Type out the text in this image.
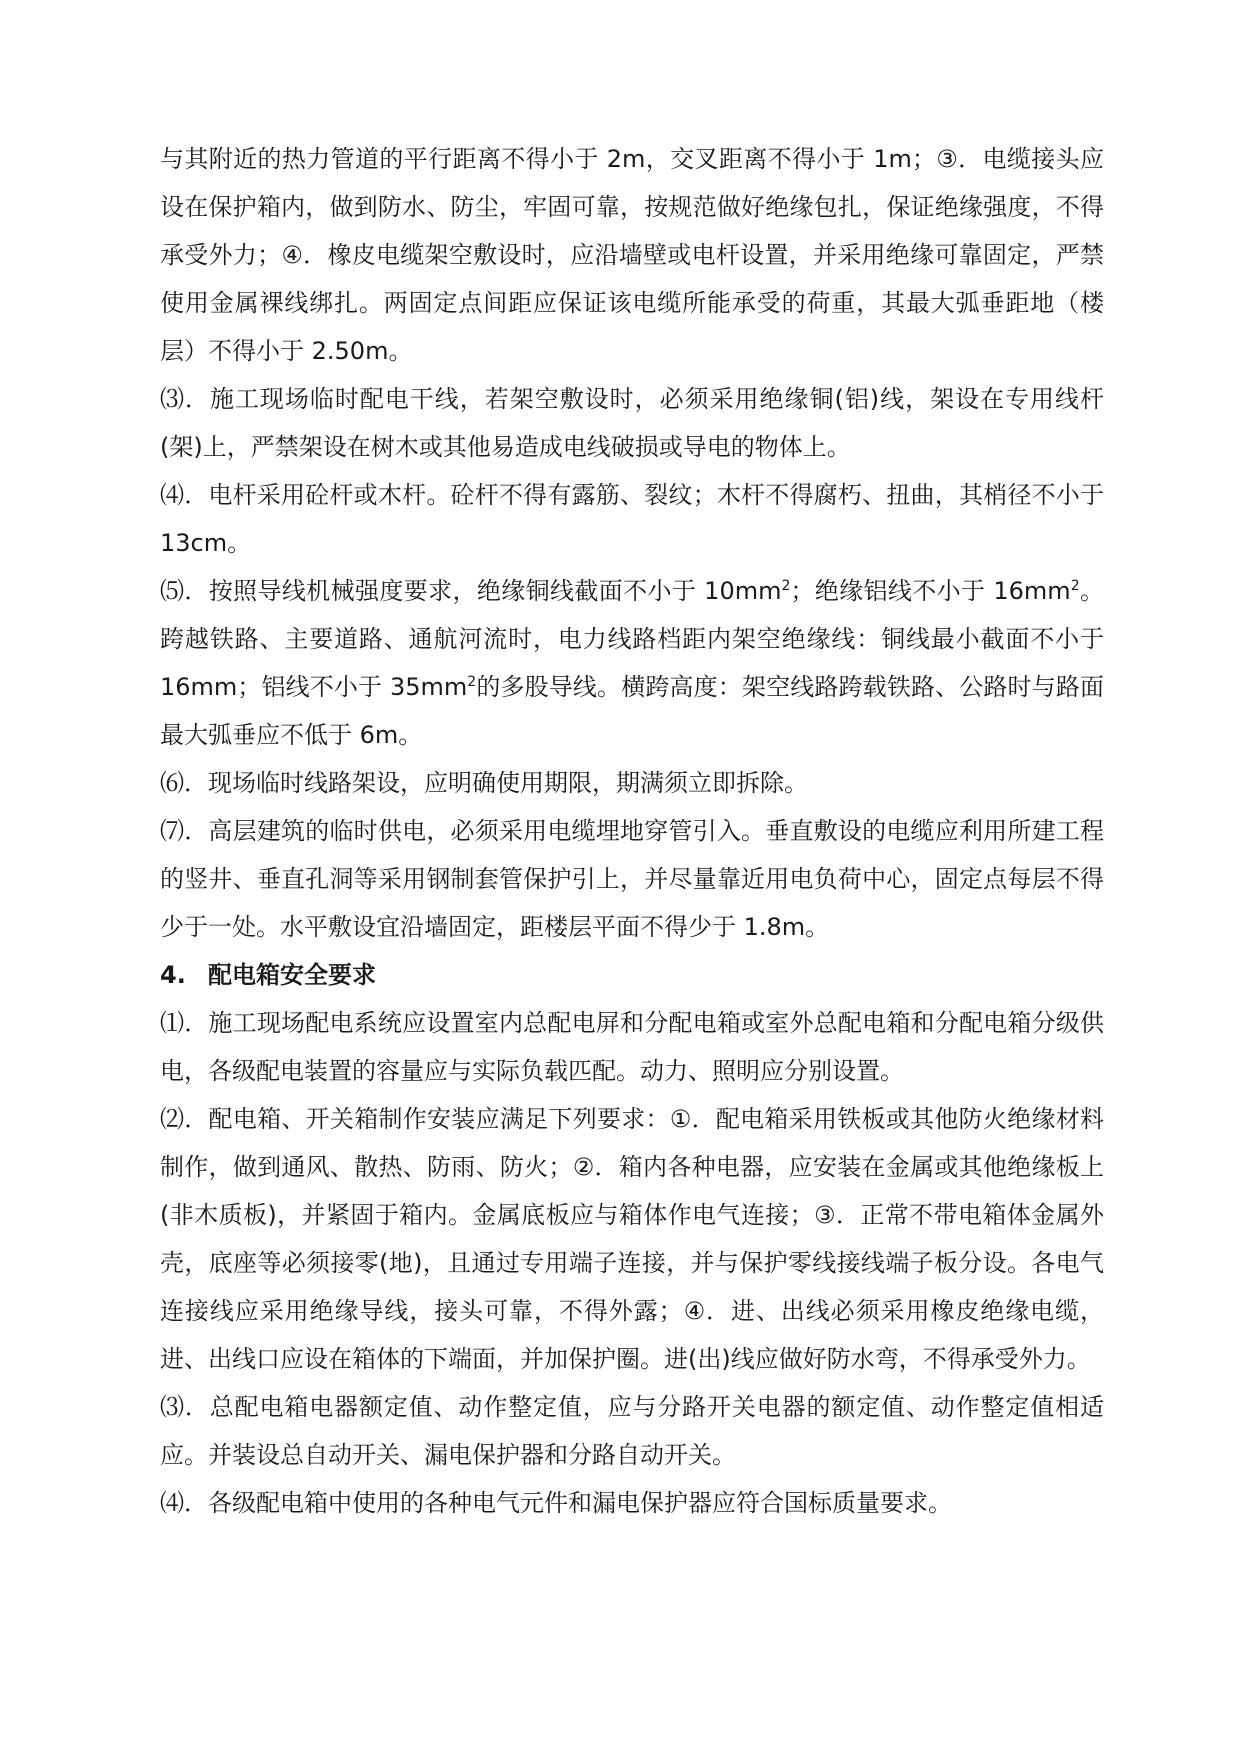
与其附近的热力管道的平行距离不得小于 2m，交叉距离不得小于 1m；③．电缆接头应设在保护箱内，做到防水、防尘，牢固可靠，按规范做好绝缘包扎，保证绝缘强度，不得承受外力；④．橡皮电缆架空敷设时，应沿墙壁或电杆设置，并采用绝缘可靠固定，严禁使用金属裸线绑扎。两固定点间距应保证该电缆所能承受的荷重，其最大弧垂距地（楼层）不得小于 2.50m。

⑶．施工现场临时配电干线，若架空敷设时，必须采用绝缘铜(铝)线，架设在专用线杆(架)上，严禁架设在树木或其他易造成电线破损或导电的物体上。

⑷．电杆采用砼杆或木杆。砼杆不得有露筋、裂纹；木杆不得腐朽、扭曲，其梢径不小于 13cm。

⑸．按照导线机械强度要求，绝缘铜线截面不小于 $10mm^2$；绝缘铝线不小于 $16mm^2$。跨越铁路、主要道路、通航河流时，电力线路档距内架空绝缘线：铜线最小截面不小于 16mm；铝线不小于 $35mm^2$的多股导线。横跨高度：架空线路跨载铁路、公路时与路面最大弧垂应不低于 6m。

⑹．现场临时线路架设，应明确使用期限，期满须立即拆除。

⑺．高层建筑的临时供电，必须采用电缆埋地穿管引入。垂直敷设的电缆应利用所建工程的竖井、垂直孔洞等采用钢制套管保护引上，并尽量靠近用电负荷中心，固定点每层不得少于一处。水平敷设宜沿墙固定，距楼层平面不得少于 1.8m。

4. 配电箱安全要求

⑴．施工现场配电系统应设置室内总配电屏和分配电箱或室外总配电箱和分配电箱分级供电，各级配电装置的容量应与实际负载匹配。动力、照明应分别设置。

⑵．配电箱、开关箱制作安装应满足下列要求：①．配电箱采用铁板或其他防火绝缘材料制作，做到通风、散热、防雨、防火；②．箱内各种电器，应安装在金属或其他绝缘板上(非木质板)，并紧固于箱内。金属底板应与箱体作电气连接；③．正常不带电箱体金属外壳，底座等必须接零(地)，且通过专用端子连接，并与保护零线接线端子板分设。各电气连接线应采用绝缘导线，接头可靠，不得外露；④．进、出线必须采用橡皮绝缘电缆，进、出线口应设在箱体的下端面，并加保护圈。进(出)线应做好防水弯，不得承受外力。

⑶．总配电箱电器额定值、动作整定值，应与分路开关电器的额定值、动作整定值相适应。并装设总自动开关、漏电保护器和分路自动开关。

⑷．各级配电箱中使用的各种电气元件和漏电保护器应符合国标质量要求。
